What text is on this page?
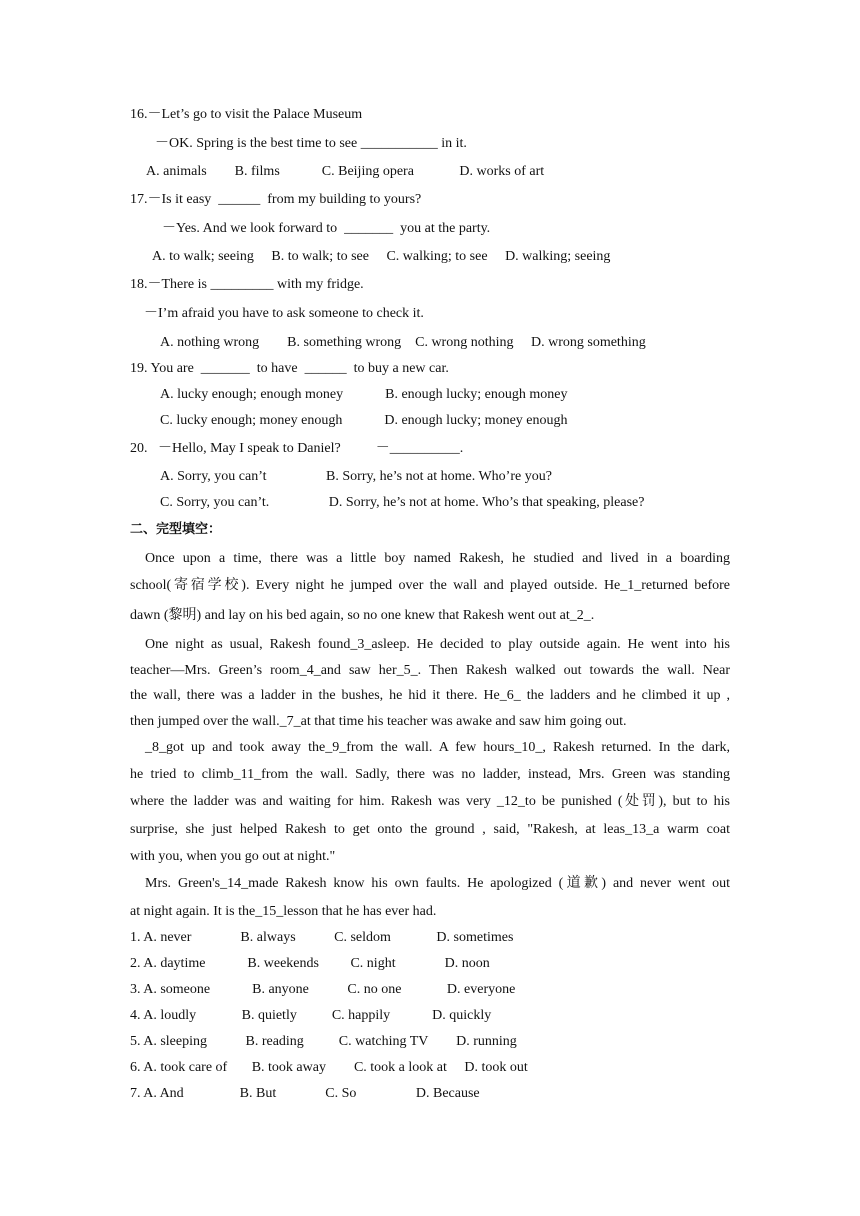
16.－Let’s go to visit the Palace Museum
－OK. Spring is the best time to see ___________ in it.
A. animals        B. films            C. Beijing opera             D. works of art
17.－Is it easy  ______  from my building to yours?
－Yes. And we look forward to  _______  you at the party.
A. to walk; seeing     B. to walk; to see     C. walking; to see     D. walking; seeing
18.－There is _________ with my fridge.
－I’m afraid you have to ask someone to check it.
A. nothing wrong        B. something wrong    C. wrong nothing     D. wrong something
19. You are  _______  to have  ______  to buy a new car.
A. lucky enough; enough money            B. enough lucky; enough money
C. lucky enough; money enough            D. enough lucky; money enough
20.   －Hello, May I speak to Daniel?          －__________.
A. Sorry, you can’t                 B. Sorry, he’s not at home. Who’re you?
C. Sorry, you can’t.                 D. Sorry, he’s not at home. Who’s that speaking, please?
二、完型填空：
Once upon a time, there was a little boy named Rakesh, he studied and lived in a boarding
school(寄宿学校). Every night he jumped over the wall and played outside. He_1_returned before
dawn (黎明) and lay on his bed again, so no one knew that Rakesh went out at_2_.
One night as usual, Rakesh found_3_asleep. He decided to play outside again. He went into his
teacher—Mrs. Green’s room_4_and saw her_5_. Then Rakesh walked out towards the wall. Near
the wall, there was a ladder in the bushes, he hid it there. He_6_ the ladders and he climbed it up ,
then jumped over the wall._7_at that time his teacher was awake and saw him going out.
_8_got up and took away the_9_from the wall. A few hours_10_, Rakesh returned. In the dark,
he tried to climb_11_from the wall. Sadly, there was no ladder, instead, Mrs. Green was standing
where the ladder was and waiting for him. Rakesh was very _12_to be punished (处罚), but to his
surprise, she just helped Rakesh to get onto the ground , said, "Rakesh, at leas_13_a warm coat
with you, when you go out at night."
Mrs. Green's_14_made Rakesh know his own faults. He apologized (道歉) and never went out
at night again. It is the_15_lesson that he has ever had.
1. A. never              B. always           C. seldom             D. sometimes
2. A. daytime            B. weekends         C. night              D. noon
3. A. someone            B. anyone           C. no one             D. everyone
4. A. loudly             B. quietly          C. happily            D. quickly
5. A. sleeping           B. reading          C. watching TV        D. running
6. A. took care of       B. took away        C. took a look at     D. took out
7. A. And                B. But              C. So                 D. Because
